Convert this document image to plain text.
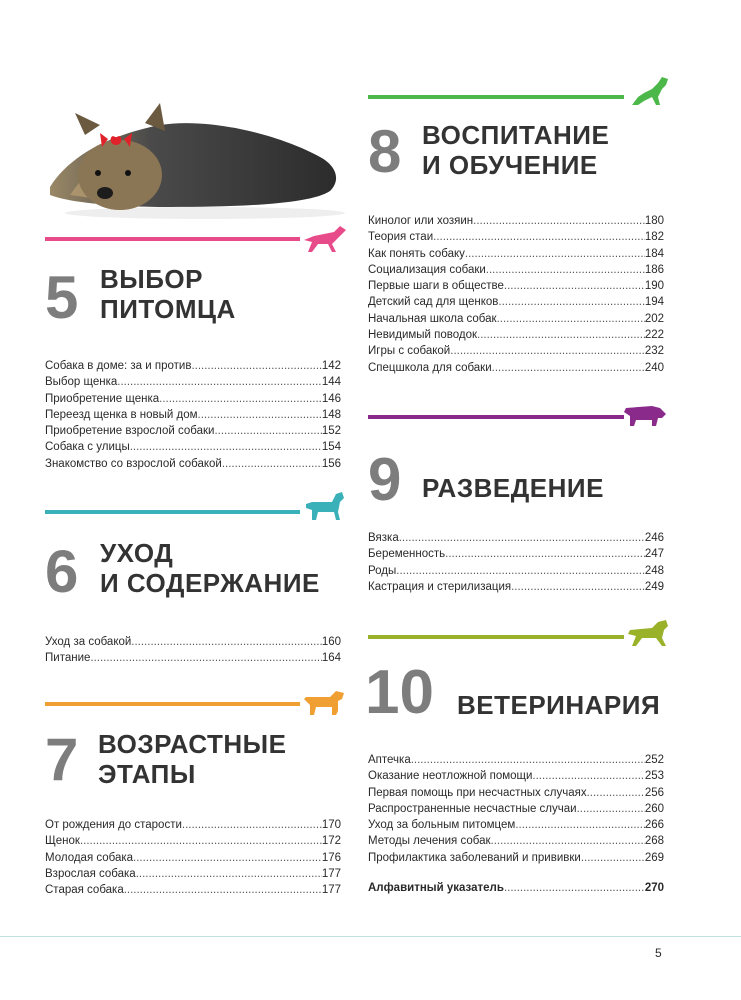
5 ВЫБОР
ПИТОМЦА
Собака в доме: за и против . . .	142
Выбор щенка . . .	144
Приобретение щенка . . .	146
Переезд щенка в новый дом . . .	148
Приобретение взрослой собаки . . .	152
Собака с улицы . . .	154
Знакомство со взрослой собакой . . .	156
6 УХОД
И СОДЕРЖАНИЕ
Уход за собакой . . .	160
Питание . . .	164
7 ВОЗРАСТНЫЕ
ЭТАПЫ
От рождения до старости . . .	170
Щенок . . .	172
Молодая собака . . .	176
Взрослая собака . . .	177
Старая собака . . .	177
8 ВОСПИТАНИЕ
И ОБУЧЕНИЕ
Кинолог или хозяин . . .	180
Теория стаи . . .	182
Как понять собаку . . .	184
Социализация собаки . . .	186
Первые шаги в обществе . . .	190
Детский сад для щенков . . .	194
Начальная школа собак . . .	202
Невидимый поводок . . .	222
Игры с собакой . . .	232
Спецшкола для собаки . . .	240
9 РАЗВЕДЕНИЕ
Вязка . . .	246
Беременность . . .	247
Роды . . .	248
Кастрация и стерилизация . . .	249
10 ВЕТЕРИНАРИЯ
Аптечка . . .	252
Оказание неотложной помощи . . .	253
Первая помощь при несчастных случаях . . .	256
Распространенные несчастные случаи . . .	260
Уход за больным питомцем . . .	266
Методы лечения собак . . .	268
Профилактика заболеваний и прививки . . .	269
Алфавитный указатель . . .	270
5
